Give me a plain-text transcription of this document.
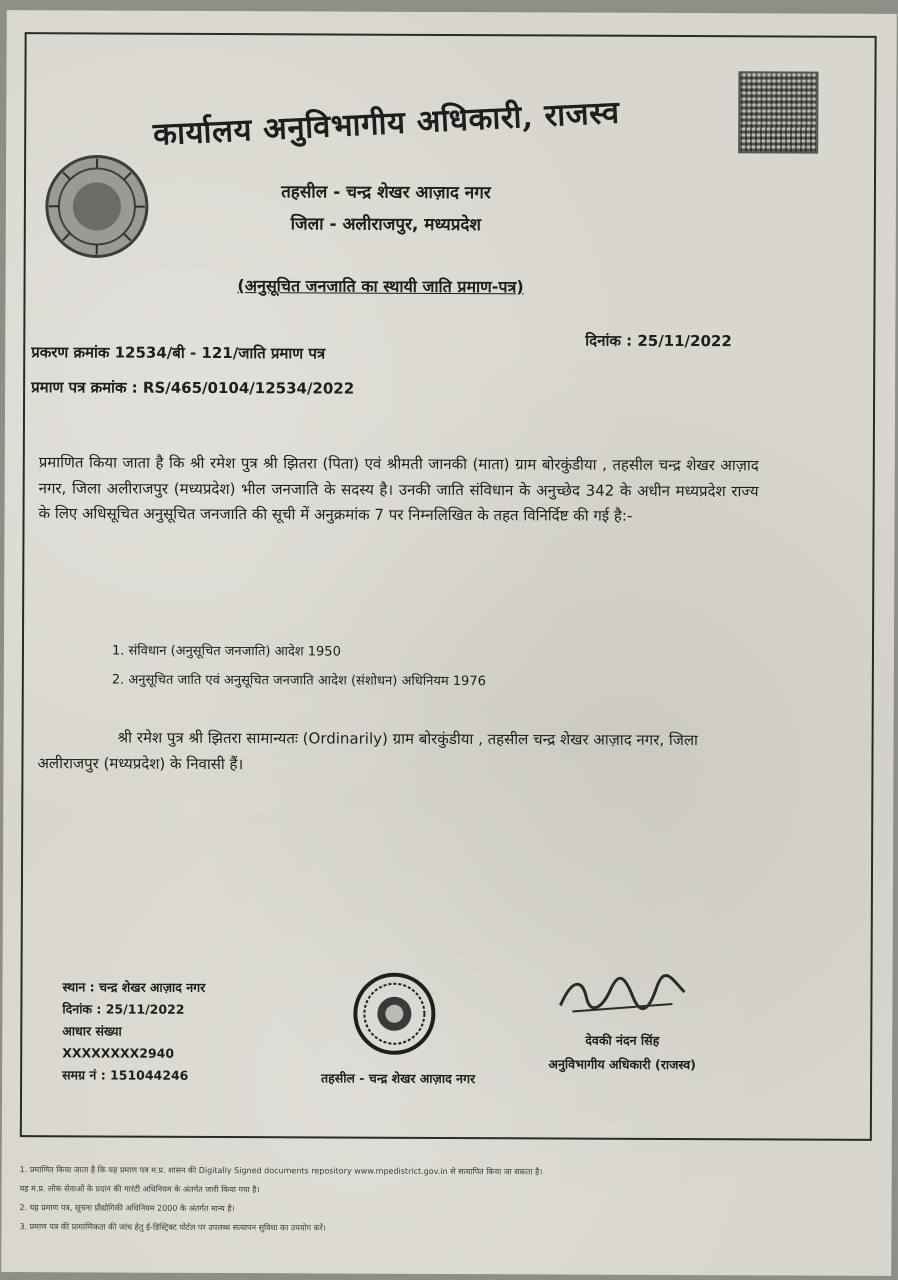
कार्यालय अनुविभागीय अधिकारी, राजस्व
तहसील - चन्द्र शेखर आज़ाद नगर
जिला - अलीराजपुर, मध्यप्रदेश
(अनुसूचित जनजाति का स्थायी जाति प्रमाण-पत्र)
प्रकरण क्रमांक 12534/बी - 121/जाति प्रमाण पत्र
दिनांक : 25/11/2022
प्रमाण पत्र क्रमांक : RS/465/0104/12534/2022
प्रमाणित किया जाता है कि श्री रमेश पुत्र श्री झितरा (पिता) एवं श्रीमती जानकी (माता) ग्राम बोरकुंडीया , तहसील चन्द्र शेखर आज़ाद नगर, जिला अलीराजपुर (मध्यप्रदेश) भील जनजाति के सदस्य है। उनकी जाति संविधान के अनुच्छेद 342 के अधीन मध्यप्रदेश राज्य के लिए अधिसूचित अनुसूचित जनजाति की सूची में अनुक्रमांक 7 पर निम्नलिखित के तहत विनिर्दिष्ट की गई है:-
1. संविधान (अनुसूचित जनजाति) आदेश 1950
2. अनुसूचित जाति एवं अनुसूचित जनजाति आदेश (संशोधन) अधिनियम 1976
श्री रमेश पुत्र श्री झितरा सामान्यतः (Ordinarily) ग्राम बोरकुंडीया , तहसील चन्द्र शेखर आज़ाद नगर, जिला अलीराजपुर (मध्यप्रदेश) के निवासी हैं।
स्थान : चन्द्र शेखर आज़ाद नगर
दिनांक : 25/11/2022
आधार संख्या
XXXXXXXX2940
समग्र नं : 151044246	तहसील - चन्द्र शेखर आज़ाद नगर
देवकी नंदन सिंह
अनुविभागीय अधिकारी (राजस्व)
1. प्रमाणित किया जाता है कि यह प्रमाण पत्र म.प्र. शासन की Digitally Signed documents repository www.mpedistrict.gov.in से सत्यापित किया जा सकता है।
यह म.प्र. लोक सेवाओं के प्रदान की गारंटी अधिनियम के अंतर्गत जारी किया गया है।
2. यह प्रमाण पत्र, सूचना प्रौद्योगिकी अधिनियम 2000 के अंतर्गत मान्य है।
3. प्रमाण पत्र की प्रामाणिकता की जांच हेतु ई-डिस्ट्रिक्ट पोर्टल पर उपलब्ध सत्यापन सुविधा का उपयोग करें।
